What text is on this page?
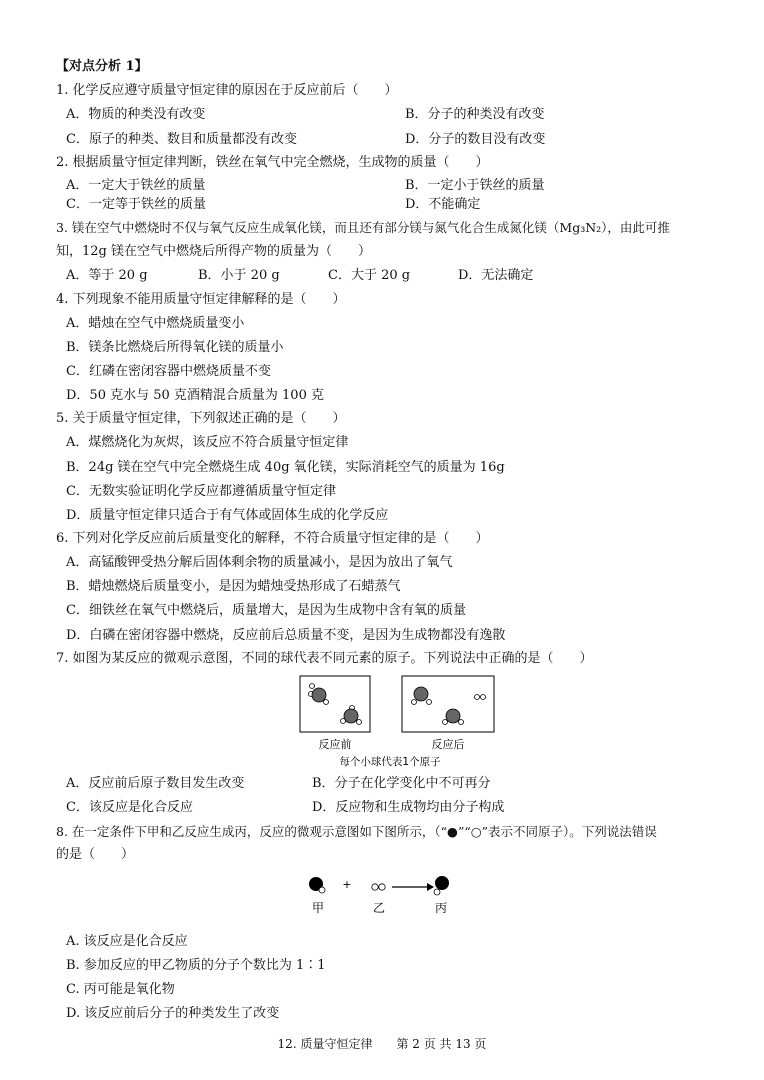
【对点分析 1】
1. 化学反应遵守质量守恒定律的原因在于反应前后（　　）
A．物质的种类没有改变	B．分子的种类没有改变
C．原子的种类、数目和质量都没有改变	D．分子的数目没有改变
2. 根据质量守恒定律判断，铁丝在氧气中完全燃烧，生成物的质量（　　）
A．一定大于铁丝的质量	B．一定小于铁丝的质量
C．一定等于铁丝的质量	D．不能确定
3. 镁在空气中燃烧时不仅与氧气反应生成氧化镁，而且还有部分镁与氮气化合生成氮化镁（Mg₃N₂），由此可推
知，12g 镁在空气中燃烧后所得产物的质量为（　　）
A．等于 20 g	B．小于 20 g	C．大于 20 g	D．无法确定
4. 下列现象不能用质量守恒定律解释的是（　　）
A．蜡烛在空气中燃烧质量变小
B．镁条比燃烧后所得氧化镁的质量小
C．红磷在密闭容器中燃烧质量不变
D．50 克水与 50 克酒精混合质量为 100 克
5. 关于质量守恒定律，下列叙述正确的是（　　）
A．煤燃烧化为灰烬，该反应不符合质量守恒定律
B．24g 镁在空气中完全燃烧生成 40g 氧化镁，实际消耗空气的质量为 16g
C．无数实验证明化学反应都遵循质量守恒定律
D．质量守恒定律只适合于有气体或固体生成的化学反应
6. 下列对化学反应前后质量变化的解释，不符合质量守恒定律的是（　　）
A．高锰酸钾受热分解后固体剩余物的质量减小，是因为放出了氧气
B．蜡烛燃烧后质量变小，是因为蜡烛受热形成了石蜡蒸气
C．细铁丝在氧气中燃烧后，质量增大，是因为生成物中含有氧的质量
D．白磷在密闭容器中燃烧，反应前后总质量不变，是因为生成物都没有逸散
7. 如图为某反应的微观示意图，不同的球代表不同元素的原子。下列说法中正确的是（　　）
反应前	反应后
每个小球代表1个原子
A．反应前后原子数目发生改变	B．分子在化学变化中不可再分
C．该反应是化合反应	D．反应物和生成物均由分子构成
8. 在一定条件下甲和乙反应生成丙，反应的微观示意图如下图所示，（“●”“○”表示不同原子）。下列说法错误
的是（　　）
+
甲	乙	丙
A. 该反应是化合反应
B. 参加反应的甲乙物质的分子个数比为 1∶1
C. 丙可能是氧化物
D. 该反应前后分子的种类发生了改变
12. 质量守恒定律　　第 2 页 共 13 页
